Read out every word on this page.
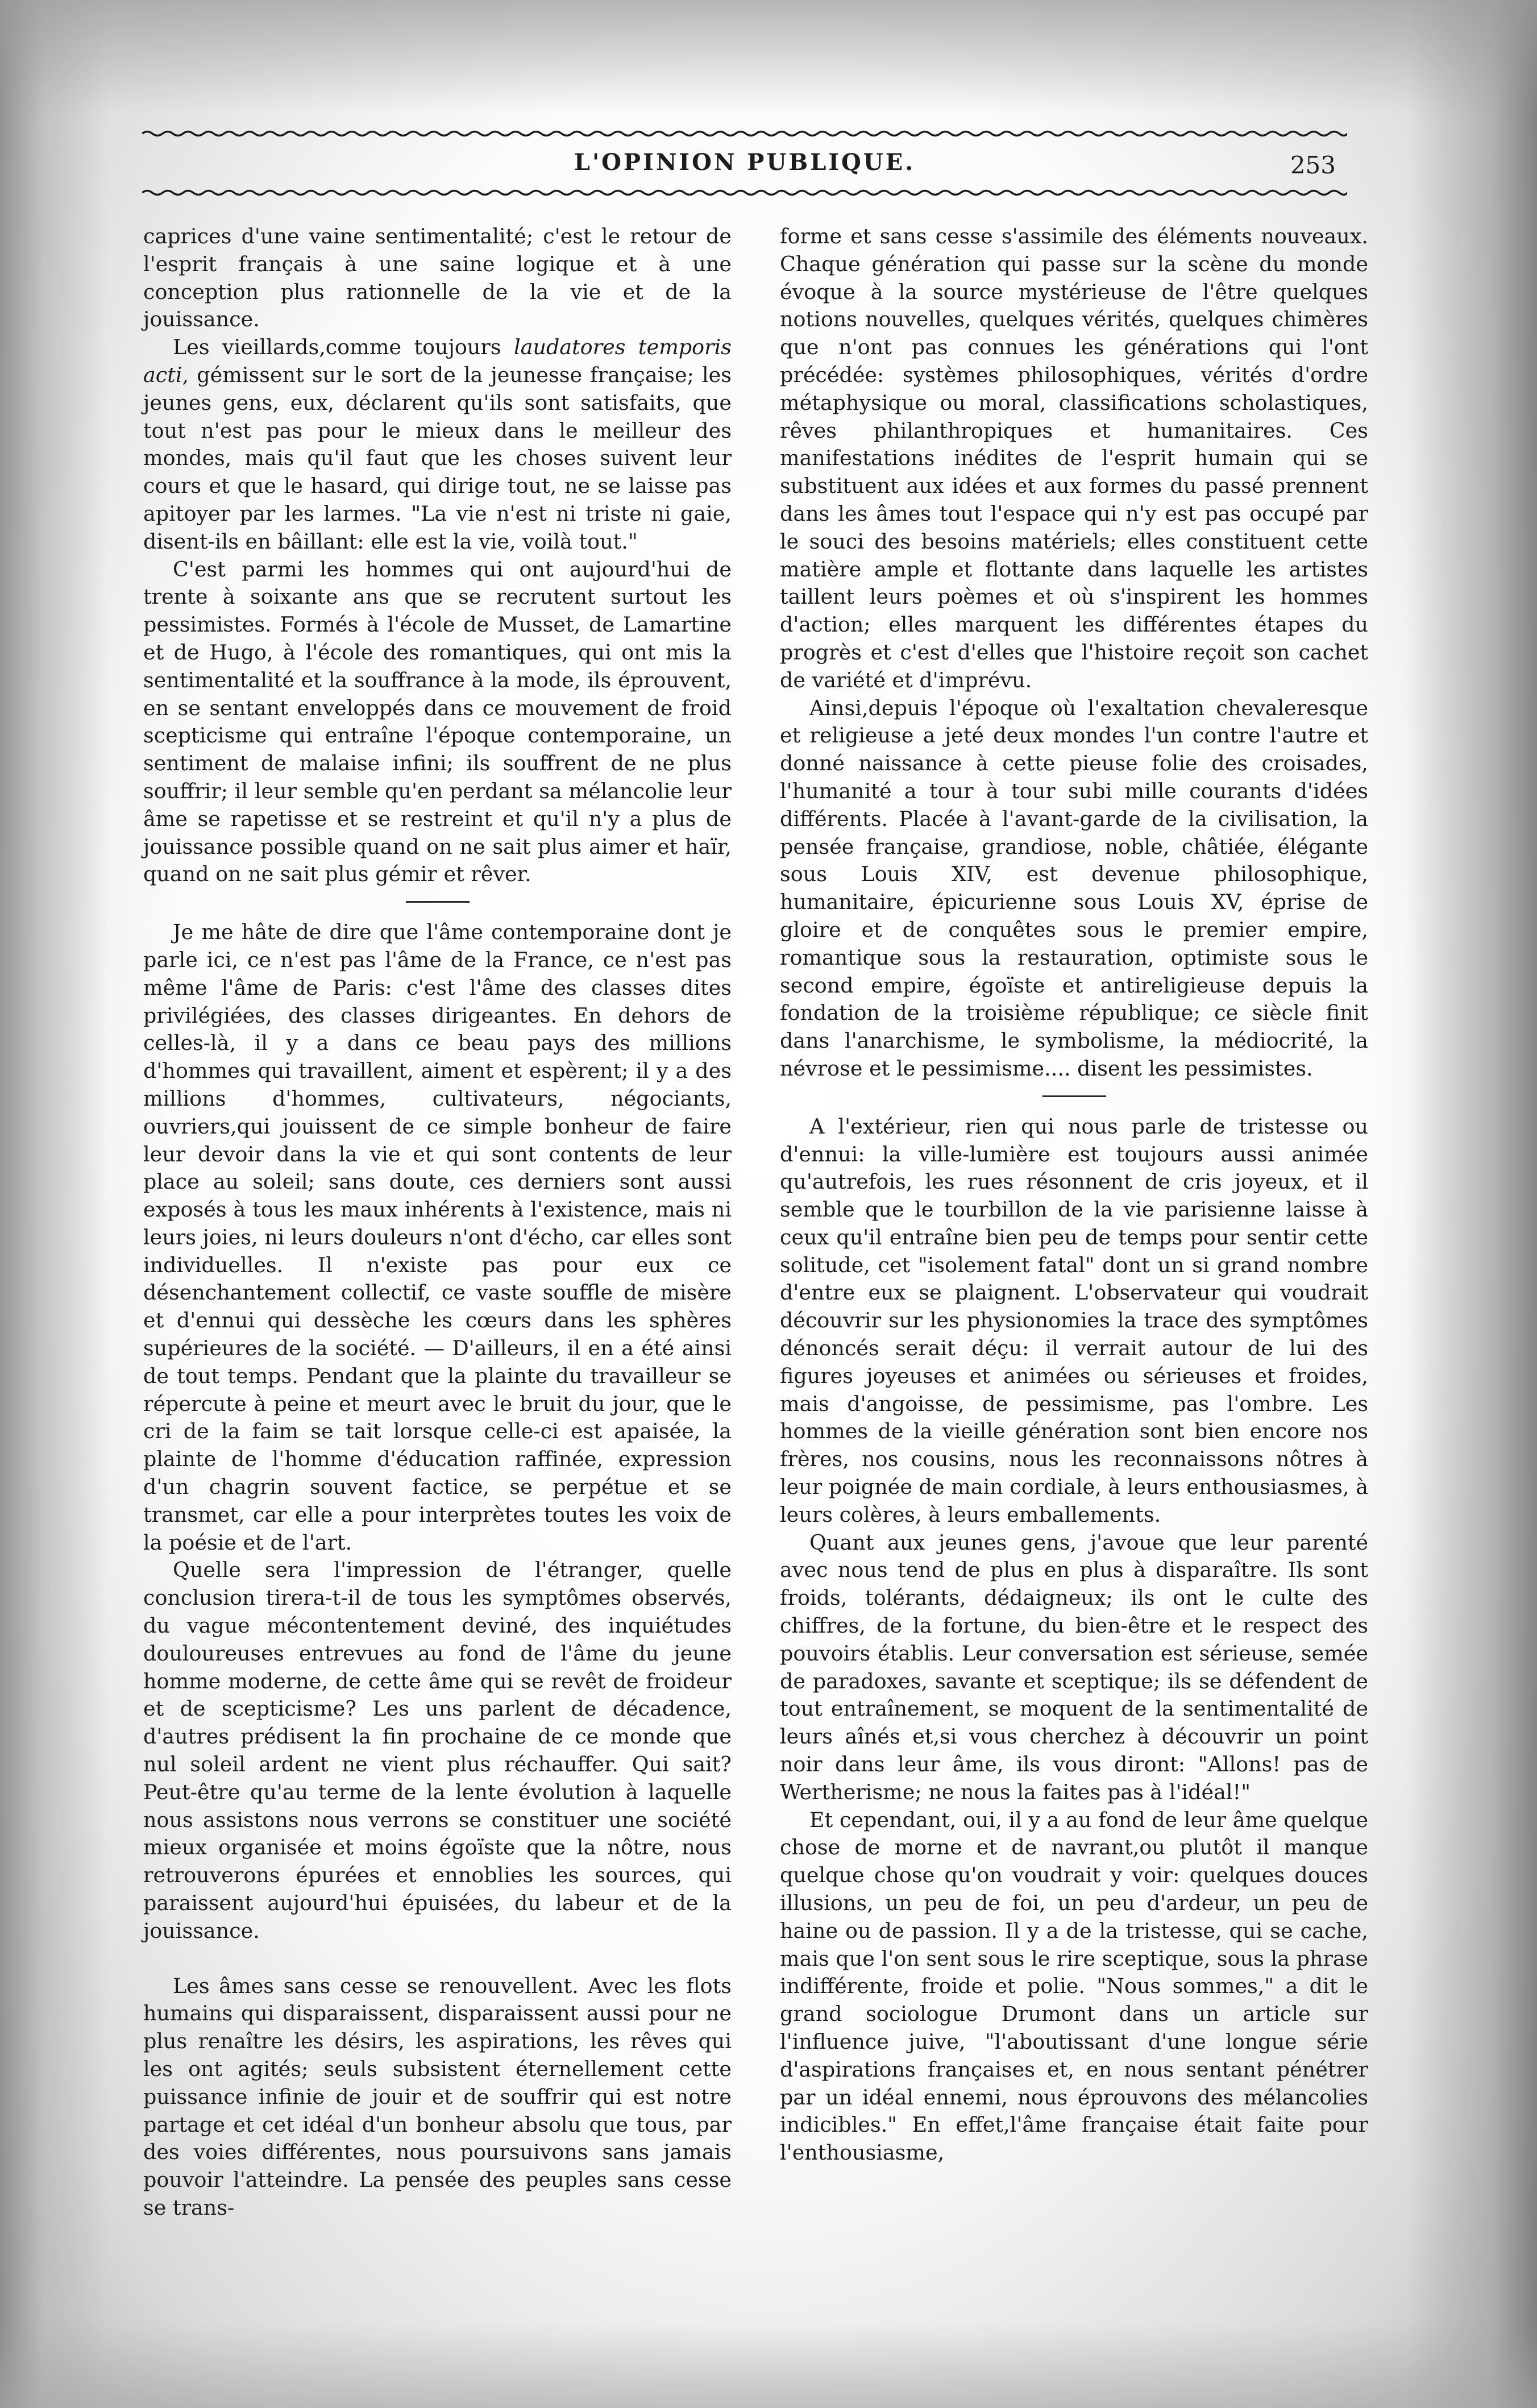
L'OPINION PUBLIQUE.	253

caprices d'une vaine sentimentalité; c'est le retour de l'esprit français à une saine logique et à une conception plus rationnelle de la vie et de la jouissance.

Les vieillards,comme toujours laudatores temporis acti, gémissent sur le sort de la jeunesse française; les jeunes gens, eux, déclarent qu'ils sont satisfaits, que tout n'est pas pour le mieux dans le meilleur des mondes, mais qu'il faut que les choses suivent leur cours et que le hasard, qui dirige tout, ne se laisse pas apitoyer par les larmes. "La vie n'est ni triste ni gaie, disent-ils en bâillant: elle est la vie, voilà tout."

C'est parmi les hommes qui ont aujourd'hui de trente à soixante ans que se recrutent surtout les pessimistes. Formés à l'école de Musset, de Lamartine et de Hugo, à l'école des romantiques, qui ont mis la sentimentalité et la souffrance à la mode, ils éprouvent, en se sentant enveloppés dans ce mouvement de froid scepticisme qui entraîne l'époque contemporaine, un sentiment de malaise infini; ils souffrent de ne plus souffrir; il leur semble qu'en perdant sa mélancolie leur âme se rapetisse et se restreint et qu'il n'y a plus de jouissance possible quand on ne sait plus aimer et haïr, quand on ne sait plus gémir et rêver.

Je me hâte de dire que l'âme contemporaine dont je parle ici, ce n'est pas l'âme de la France, ce n'est pas même l'âme de Paris: c'est l'âme des classes dites privilégiées, des classes dirigeantes. En dehors de celles-là, il y a dans ce beau pays des millions d'hommes qui travaillent, aiment et espèrent; il y a des millions d'hommes, cultivateurs, négociants, ouvriers,qui jouissent de ce simple bonheur de faire leur devoir dans la vie et qui sont contents de leur place au soleil; sans doute, ces derniers sont aussi exposés à tous les maux inhérents à l'existence, mais ni leurs joies, ni leurs douleurs n'ont d'écho, car elles sont individuelles. Il n'existe pas pour eux ce désenchantement collectif, ce vaste souffle de misère et d'ennui qui dessèche les cœurs dans les sphères supérieures de la société. — D'ailleurs, il en a été ainsi de tout temps. Pendant que la plainte du travailleur se répercute à peine et meurt avec le bruit du jour, que le cri de la faim se tait lorsque celle-ci est apaisée, la plainte de l'homme d'éducation raffinée, expression d'un chagrin souvent factice, se perpétue et se transmet, car elle a pour interprètes toutes les voix de la poésie et de l'art.

Quelle sera l'impression de l'étranger, quelle conclusion tirera-t-il de tous les symptômes observés, du vague mécontentement deviné, des inquiétudes douloureuses entrevues au fond de l'âme du jeune homme moderne, de cette âme qui se revêt de froideur et de scepticisme? Les uns parlent de décadence, d'autres prédisent la fin prochaine de ce monde que nul soleil ardent ne vient plus réchauffer. Qui sait? Peut-être qu'au terme de la lente évolution à laquelle nous assistons nous verrons se constituer une société mieux organisée et moins égoïste que la nôtre, nous retrouverons épurées et ennoblies les sources, qui paraissent aujourd'hui épuisées, du labeur et de la jouissance.

Les âmes sans cesse se renouvellent. Avec les flots humains qui disparaissent, disparaissent aussi pour ne plus renaître les désirs, les aspirations, les rêves qui les ont agités; seuls subsistent éternellement cette puissance infinie de jouir et de souffrir qui est notre partage et cet idéal d'un bonheur absolu que tous, par des voies différentes, nous poursuivons sans jamais pouvoir l'atteindre. La pensée des peuples sans cesse se trans-

forme et sans cesse s'assimile des éléments nouveaux. Chaque génération qui passe sur la scène du monde évoque à la source mystérieuse de l'être quelques notions nouvelles, quelques vérités, quelques chimères que n'ont pas connues les générations qui l'ont précédée: systèmes philosophiques, vérités d'ordre métaphysique ou moral, classifications scholastiques, rêves philanthropiques et humanitaires. Ces manifestations inédites de l'esprit humain qui se substituent aux idées et aux formes du passé prennent dans les âmes tout l'espace qui n'y est pas occupé par le souci des besoins matériels; elles constituent cette matière ample et flottante dans laquelle les artistes taillent leurs poèmes et où s'inspirent les hommes d'action; elles marquent les différentes étapes du progrès et c'est d'elles que l'histoire reçoit son cachet de variété et d'imprévu.

Ainsi,depuis l'époque où l'exaltation chevaleresque et religieuse a jeté deux mondes l'un contre l'autre et donné naissance à cette pieuse folie des croisades, l'humanité a tour à tour subi mille courants d'idées différents. Placée à l'avant-garde de la civilisation, la pensée française, grandiose, noble, châtiée, élégante sous Louis XIV, est devenue philosophique, humanitaire, épicurienne sous Louis XV, éprise de gloire et de conquêtes sous le premier empire, romantique sous la restauration, optimiste sous le second empire, égoïste et antireligieuse depuis la fondation de la troisième république; ce siècle finit dans l'anarchisme, le symbolisme, la médiocrité, la névrose et le pessimisme.... disent les pessimistes.

A l'extérieur, rien qui nous parle de tristesse ou d'ennui: la ville-lumière est toujours aussi animée qu'autrefois, les rues résonnent de cris joyeux, et il semble que le tourbillon de la vie parisienne laisse à ceux qu'il entraîne bien peu de temps pour sentir cette solitude, cet "isolement fatal" dont un si grand nombre d'entre eux se plaignent. L'observateur qui voudrait découvrir sur les physionomies la trace des symptômes dénoncés serait déçu: il verrait autour de lui des figures joyeuses et animées ou sérieuses et froides, mais d'angoisse, de pessimisme, pas l'ombre. Les hommes de la vieille génération sont bien encore nos frères, nos cousins, nous les reconnaissons nôtres à leur poignée de main cordiale, à leurs enthousiasmes, à leurs colères, à leurs emballements.

Quant aux jeunes gens, j'avoue que leur parenté avec nous tend de plus en plus à disparaître. Ils sont froids, tolérants, dédaigneux; ils ont le culte des chiffres, de la fortune, du bien-être et le respect des pouvoirs établis. Leur conversation est sérieuse, semée de paradoxes, savante et sceptique; ils se défendent de tout entraînement, se moquent de la sentimentalité de leurs aînés et,si vous cherchez à découvrir un point noir dans leur âme, ils vous diront: "Allons! pas de Wertherisme; ne nous la faites pas à l'idéal!"

Et cependant, oui, il y a au fond de leur âme quelque chose de morne et de navrant,ou plutôt il manque quelque chose qu'on voudrait y voir: quelques douces illusions, un peu de foi, un peu d'ardeur, un peu de haine ou de passion. Il y a de la tristesse, qui se cache, mais que l'on sent sous le rire sceptique, sous la phrase indifférente, froide et polie. "Nous sommes," a dit le grand sociologue Drumont dans un article sur l'influence juive, "l'aboutissant d'une longue série d'aspirations françaises et, en nous sentant pénétrer par un idéal ennemi, nous éprouvons des mélancolies indicibles." En effet,l'âme française était faite pour l'enthousiasme,
